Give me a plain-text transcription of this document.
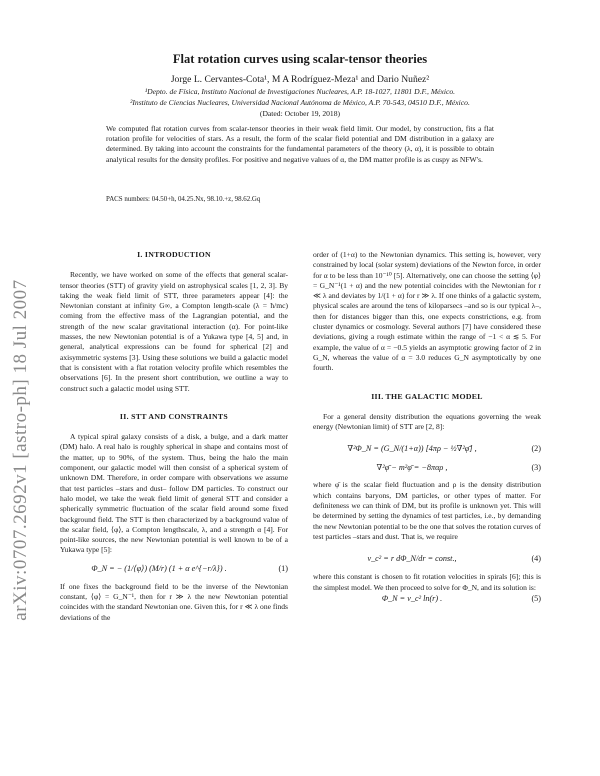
arXiv:0707.2692v1 [astro-ph] 18 Jul 2007
Flat rotation curves using scalar-tensor theories
Jorge L. Cervantes-Cota¹, M A Rodríguez-Meza¹ and Dario Nuñez²
¹Depto. de Física, Instituto Nacional de Investigaciones Nucleares, A.P. 18-1027, 11801 D.F., México.
²Instituto de Ciencias Nucleares, Universidad Nacional Autónoma de México, A.P. 70-543, 04510 D.F., México.
(Dated: October 19, 2018)
We computed flat rotation curves from scalar-tensor theories in their weak field limit. Our model, by construction, fits a flat rotation profile for velocities of stars. As a result, the form of the scalar field potential and DM distribution in a galaxy are determined. By taking into account the constraints for the fundamental parameters of the theory (λ, α), it is possible to obtain analytical results for the density profiles. For positive and negative values of α, the DM matter profile is as cuspy as NFW's.
PACS numbers: 04.50+h, 04.25.Nx, 98.10.+z, 98.62.Gq
I. INTRODUCTION

Recently, we have worked on some of the effects that general scalar-tensor theories (STT) of gravity yield on astrophysical scales [1, 2, 3]. By taking the weak field limit of STT, three parameters appear [4]: the Newtonian constant at infinity G∞, a Compton length-scale (λ = ħ/mc) coming from the effective mass of the Lagrangian potential, and the strength of the new scalar gravitational interaction (α). For point-like masses, the new Newtonian potential is of a Yukawa type [4, 5] and, in general, analytical expressions can be found for spherical [2] and axisymmetric systems [3]. Using these solutions we build a galactic model that is consistent with a flat rotation velocity profile which resembles the observations [6]. In the present short contribution, we outline a way to construct such a galactic model using STT.

II. STT AND CONSTRAINTS

A typical spiral galaxy consists of a disk, a bulge, and a dark matter (DM) halo. A real halo is roughly spherical in shape and contains most of the matter, up to 90%, of the system. Thus, being the halo the main component, our galactic model will then consist of a spherical system of unknown DM. Therefore, in order compare with observations we assume that test particles –stars and dust– follow DM particles. To construct our halo model, we take the weak field limit of general STT and consider a spherically symmetric fluctuation of the scalar field around some fixed background field. The STT is then characterized by a background value of the scalar field, ⟨φ⟩, a Compton lengthscale, λ, and a strength α [4]. For point-like sources, the new Newtonian potential is well known to be of a Yukawa type [5]:

Φ_N = − (1/⟨φ⟩) (M/r) (1 + α e^{−r/λ}) .	(1)

If one fixes the background field to be the inverse of the Newtonian constant, ⟨φ⟩ = G_N⁻¹, then for r ≫ λ the new Newtonian potential coincides with the standard Newtonian one. Given this, for r ≪ λ one finds deviations of the

order of (1+α) to the Newtonian dynamics. This setting is, however, very constrained by local (solar system) deviations of the Newton force, in order for α to be less than 10⁻¹⁰ [5]. Alternatively, one can choose the setting ⟨φ⟩ = G_N⁻¹(1 + α) and the new potential coincides with the Newtonian for r ≪ λ and deviates by 1/(1 + α) for r ≫ λ. If one thinks of a galactic system, physical scales are around the tens of kiloparsecs –and so is our typical λ–, then for distances bigger than this, one expects constrictions, e.g. from cluster dynamics or cosmology. Several authors [7] have considered these deviations, giving a rough estimate within the range of −1 < α ≲ 5. For example, the value of α = −0.5 yields an asymptotic growing factor of 2 in G_N, whereas the value of α = 3.0 reduces G_N asymptotically by one fourth.

III. THE GALACTIC MODEL

For a general density distribution the equations governing the weak energy (Newtonian limit) of STT are [2, 8]:

∇²Φ_N = (G_N/(1+α)) [4πρ − ½∇²φ̄] ,	(2)
∇²φ̄ − m²φ̄ = −8παρ ,	(3)

where φ̄ is the scalar field fluctuation and ρ is the density distribution which contains baryons, DM particles, or other types of matter. For definiteness we can think of DM, but its profile is unknown yet. This will be determined by setting the dynamics of test particles, i.e., by demanding the new Newtonian potential to be the one that solves the rotation curves of test particles –stars and dust. That is, we require

v_c² = r dΦ_N/dr = const.,	(4)

where this constant is chosen to fit rotation velocities in spirals [6]; this is the simplest model. We then proceed to solve for Φ_N, and its solution is:

Φ_N = v_c² ln(r) .	(5)
